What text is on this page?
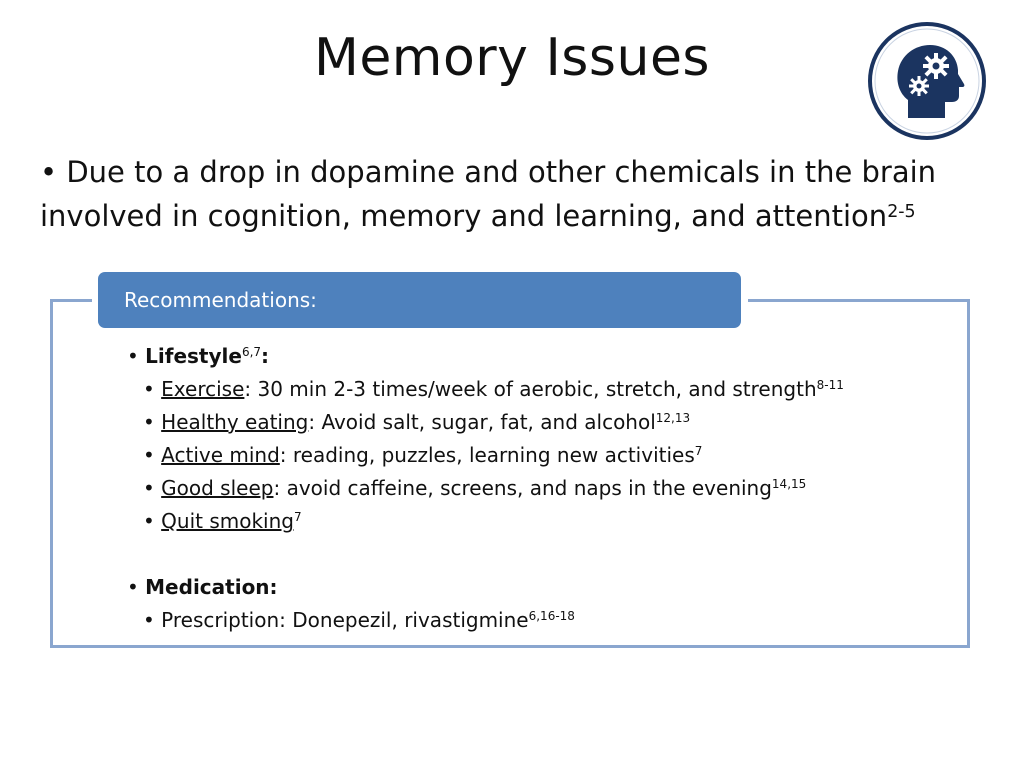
Memory Issues
• Due to a drop in dopamine and other chemicals in the brain involved in cognition, memory and learning, and attention$^{2-5}$
Recommendations:
• Lifestyle$^{6,7}$:
• Exercise: 30 min 2-3 times/week of aerobic, stretch, and strength$^{8-11}$
• Healthy eating: Avoid salt, sugar, fat, and alcohol$^{12,13}$
• Active mind: reading, puzzles, learning new activities$^7$
• Good sleep: avoid caffeine, screens, and naps in the evening$^{14,15}$
• Quit smoking$^7$
• Medication:
• Prescription: Donepezil, rivastigmine$^{6,16-18}$
